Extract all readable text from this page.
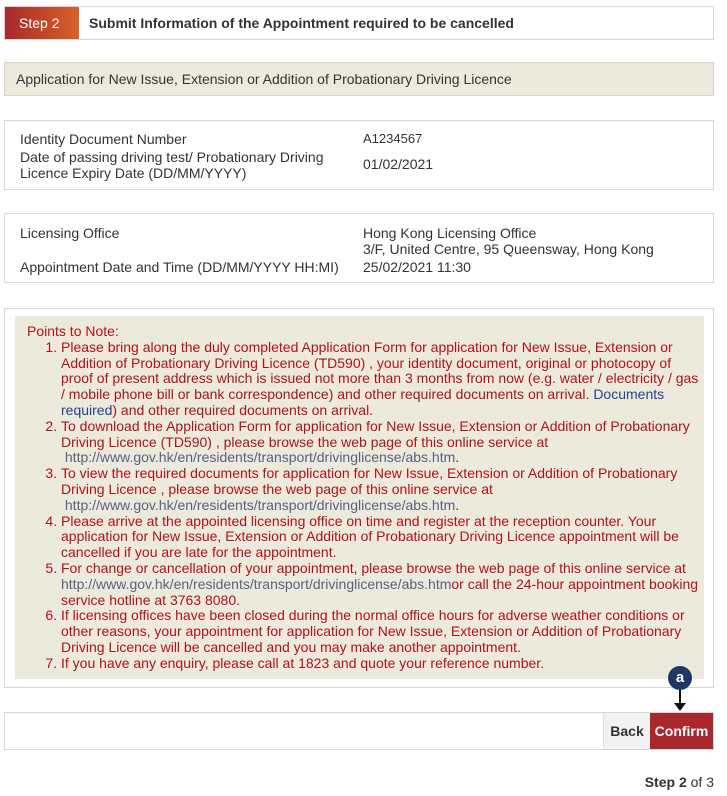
Step 2	Submit Information of the Appointment required to be cancelled
Application for New Issue, Extension or Addition of Probationary Driving Licence
Identity Document Number	A1234567
Date of passing driving test/ Probationary Driving
Licence Expiry Date (DD/MM/YYYY)
01/02/2021
Licensing Office	Hong Kong Licensing Office
3/F, United Centre, 95 Queensway, Hong Kong
Appointment Date and Time (DD/MM/YYYY HH:MI) 25/02/2021 11:30
Points to Note:
1. Please bring along the duly completed Application Form for application for New Issue, Extension or Addition of Probationary Driving Licence (TD590) , your identity document, original or photocopy of proof of present address which is issued not more than 3 months from now (e.g. water / electricity / gas / mobile phone bill or bank correspondence) and other required documents on arrival. Documents required) and other required documents on arrival.
2. To download the Application Form for application for New Issue, Extension or Addition of Probationary Driving Licence (TD590) , please browse the web page of this online service at
http://www.gov.hk/en/residents/transport/drivinglicense/abs.htm.
3. To view the required documents for application for New Issue, Extension or Addition of Probationary Driving Licence , please browse the web page of this online service at
http://www.gov.hk/en/residents/transport/drivinglicense/abs.htm.
4. Please arrive at the appointed licensing office on time and register at the reception counter. Your application for New Issue, Extension or Addition of Probationary Driving Licence appointment will be cancelled if you are late for the appointment.
5. For change or cancellation of your appointment, please browse the web page of this online service at http://www.gov.hk/en/residents/transport/drivinglicense/abs.htmor call the 24-hour appointment booking service hotline at 3763 8080.
6. If licensing offices have been closed during the normal office hours for adverse weather conditions or other reasons, your appointment for application for New Issue, Extension or Addition of Probationary Driving Licence will be cancelled and you may make another appointment.
7. If you have any enquiry, please call at 1823 and quote your reference number.
a
Back Confirm
Step 2 of 3
